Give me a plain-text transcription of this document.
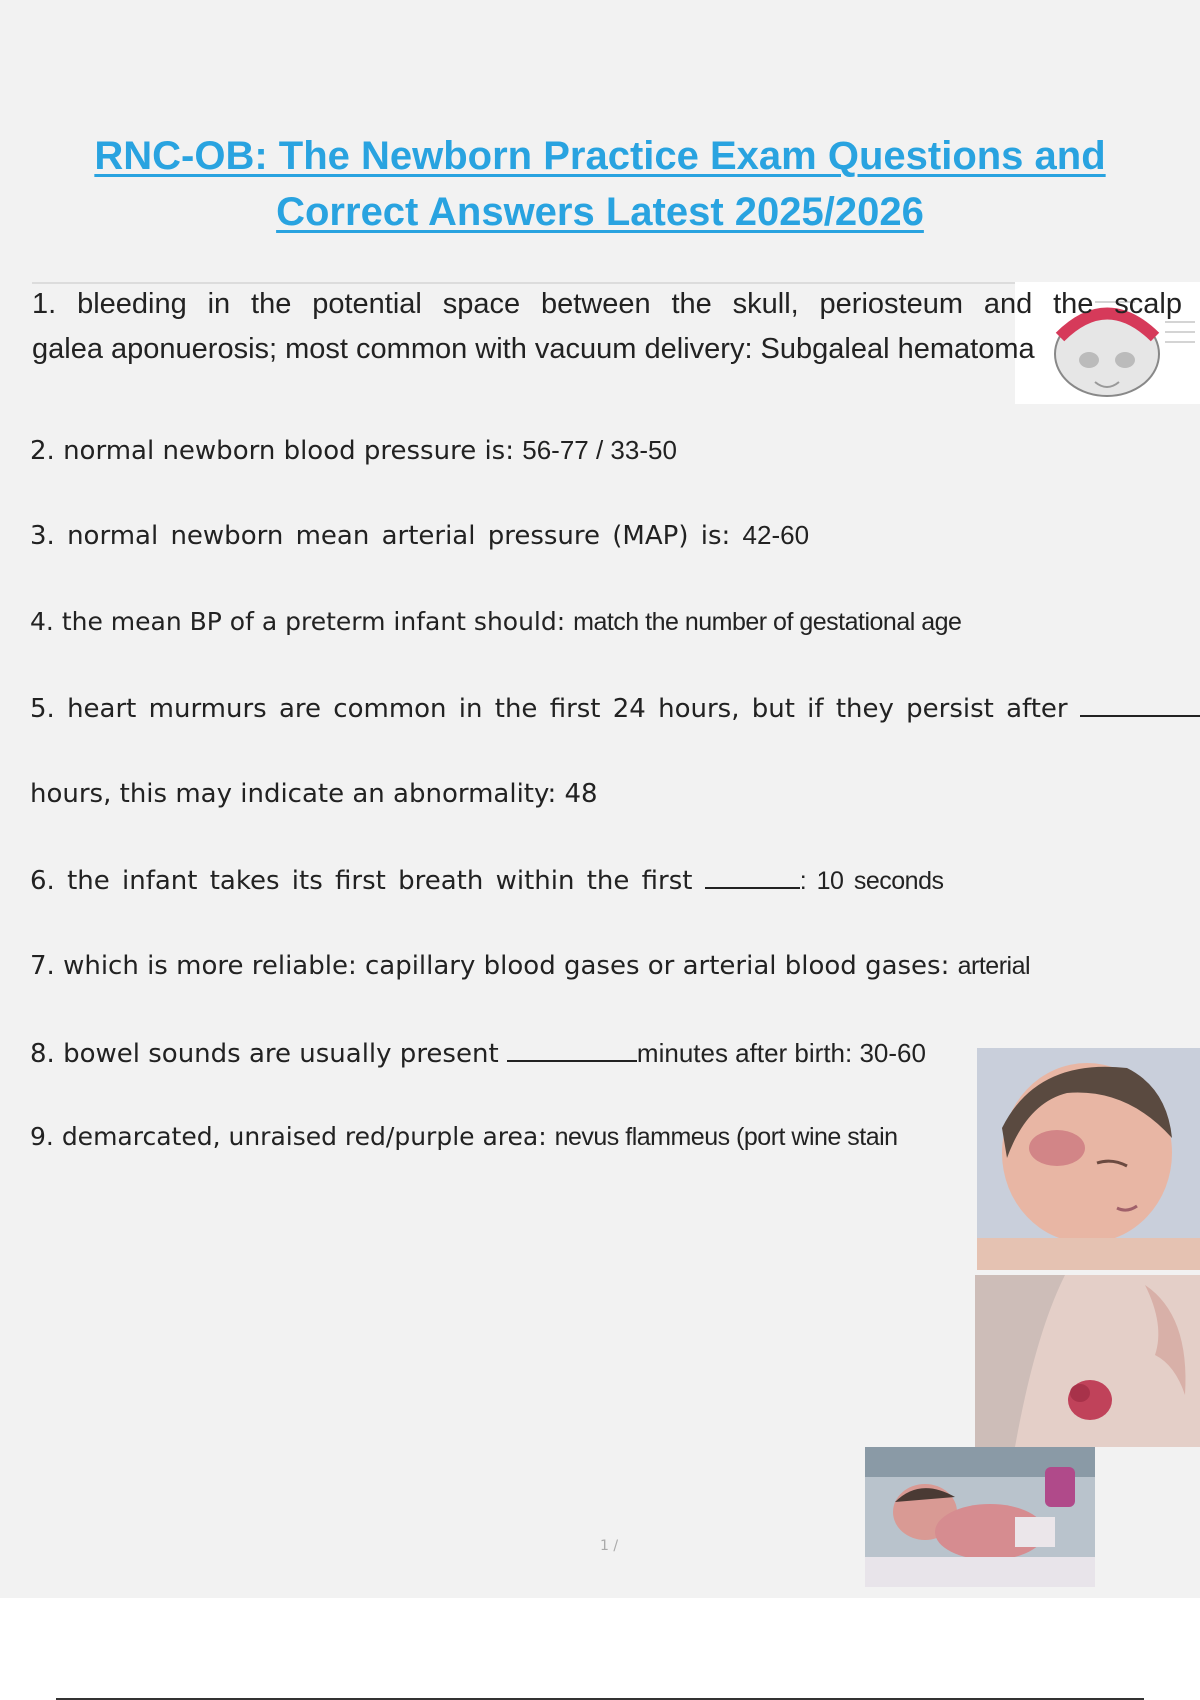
RNC-OB: The Newborn Practice Exam Questions and
Correct Answers Latest 2025/2026
1. bleeding in the potential space between the skull, periosteum and the scalp
galea aponuerosis; most common with vacuum delivery: Subgaleal hematoma
2. normal newborn blood pressure is: 56-77 / 33-50
3. normal newborn mean arterial pressure (MAP) is: 42-60
4. the mean BP of a preterm infant should: match the number of gestational age
5. heart murmurs are common in the first 24 hours, but if they persist after
hours, this may indicate an abnormality: 48
6. the infant takes its first breath within the first	: 10 seconds
7. which is more reliable: capillary blood gases or arterial blood gases: arterial
8. bowel sounds are usually present	minutes after birth: 30-60
9. demarcated, unraised red/purple area: nevus flammeus (port wine stain
1 /
